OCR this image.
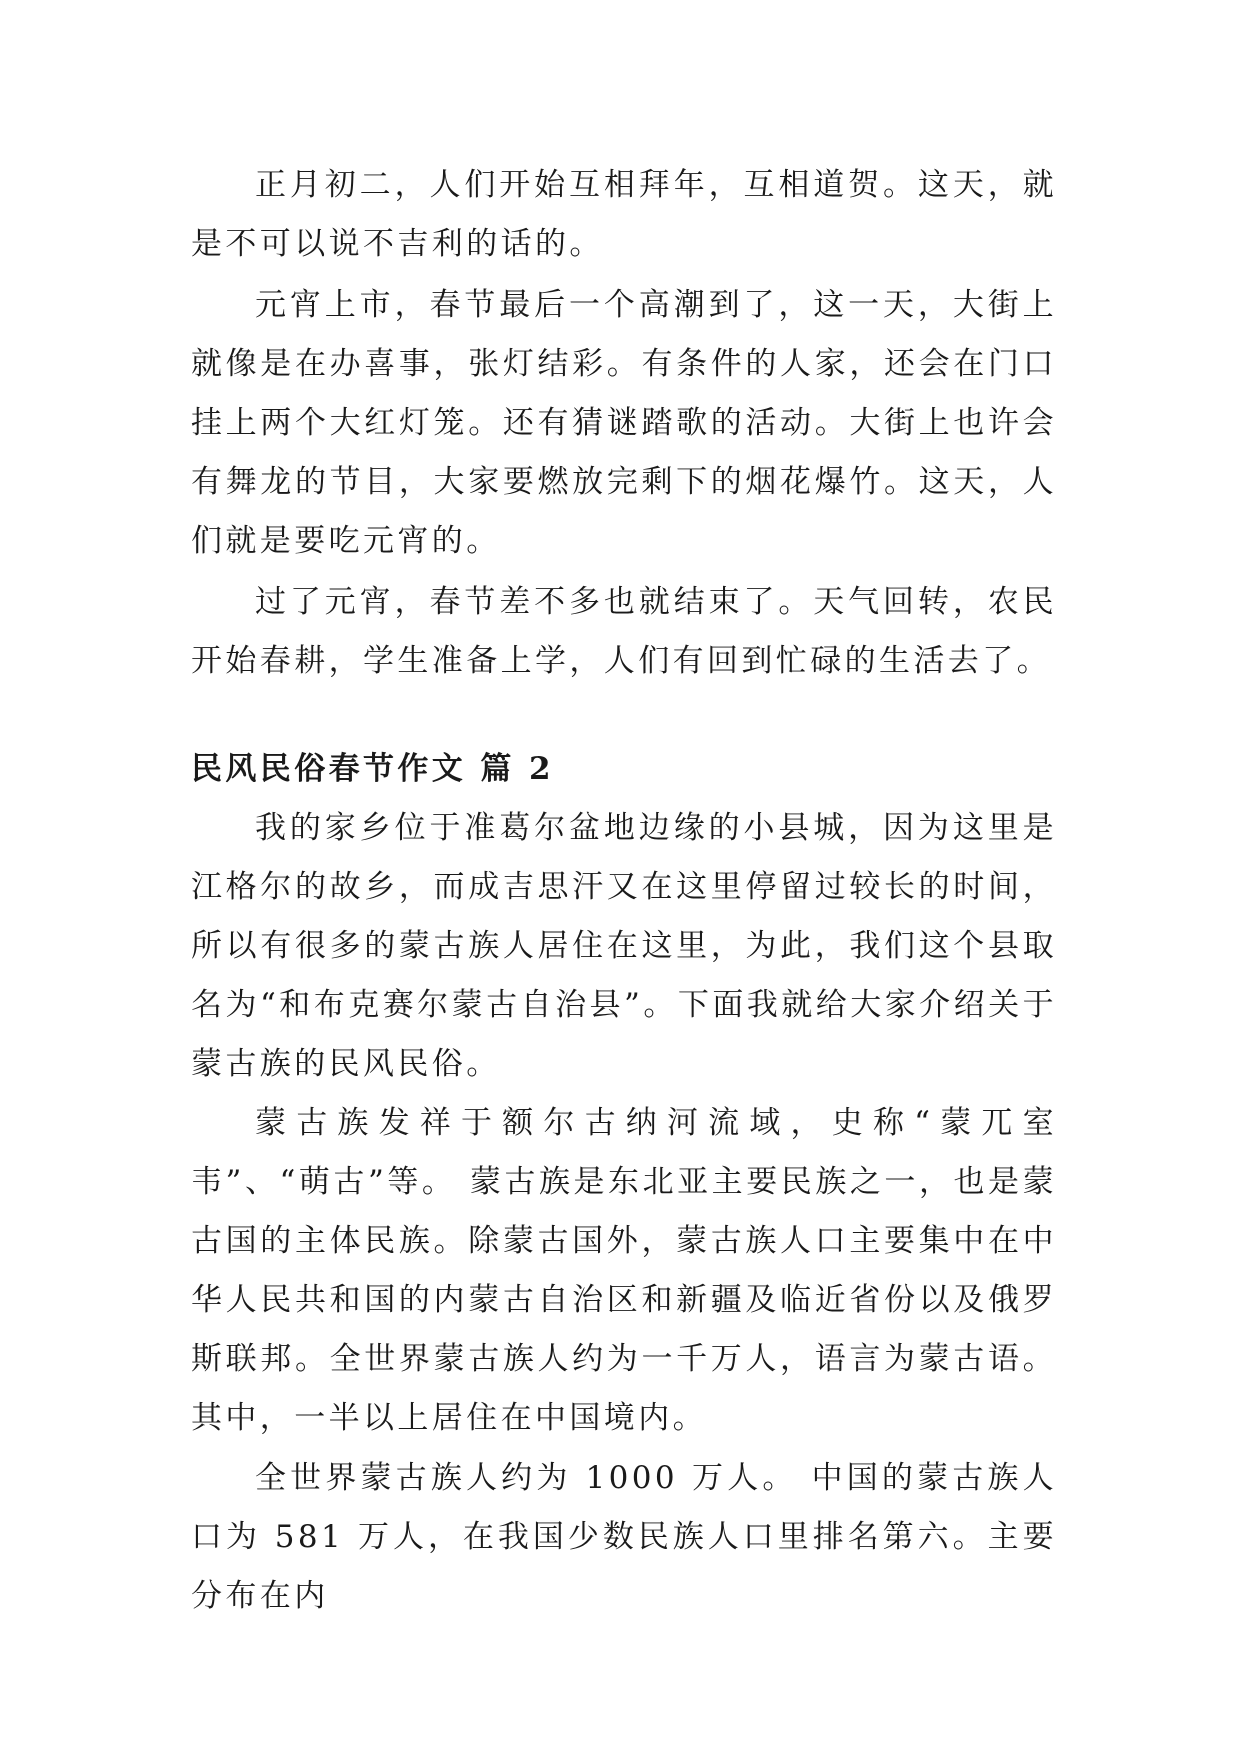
正月初二，人们开始互相拜年，互相道贺。这天，就是不可以说不吉利的话的。

元宵上市，春节最后一个高潮到了，这一天，大街上就像是在办喜事，张灯结彩。有条件的人家，还会在门口挂上两个大红灯笼。还有猜谜踏歌的活动。大街上也许会有舞龙的节目，大家要燃放完剩下的烟花爆竹。这天，人们就是要吃元宵的。

过了元宵，春节差不多也就结束了。天气回转，农民开始春耕，学生准备上学，人们有回到忙碌的生活去了。

民风民俗春节作文 篇 2

我的家乡位于准葛尔盆地边缘的小县城，因为这里是江格尔的故乡，而成吉思汗又在这里停留过较长的时间，所以有很多的蒙古族人居住在这里，为此，我们这个县取名为“和布克赛尔蒙古自治县”。下面我就给大家介绍关于蒙古族的民风民俗。

蒙古族发祥于额尔古纳河流域，史称“蒙兀室韦”、“萌古”等。 蒙古族是东北亚主要民族之一，也是蒙古国的主体民族。除蒙古国外，蒙古族人口主要集中在中华人民共和国的内蒙古自治区和新疆及临近省份以及俄罗斯联邦。全世界蒙古族人约为一千万人，语言为蒙古语。其中，一半以上居住在中国境内。

全世界蒙古族人约为 1000 万人。 中国的蒙古族人口为 581 万人，在我国少数民族人口里排名第六。主要分布在内
